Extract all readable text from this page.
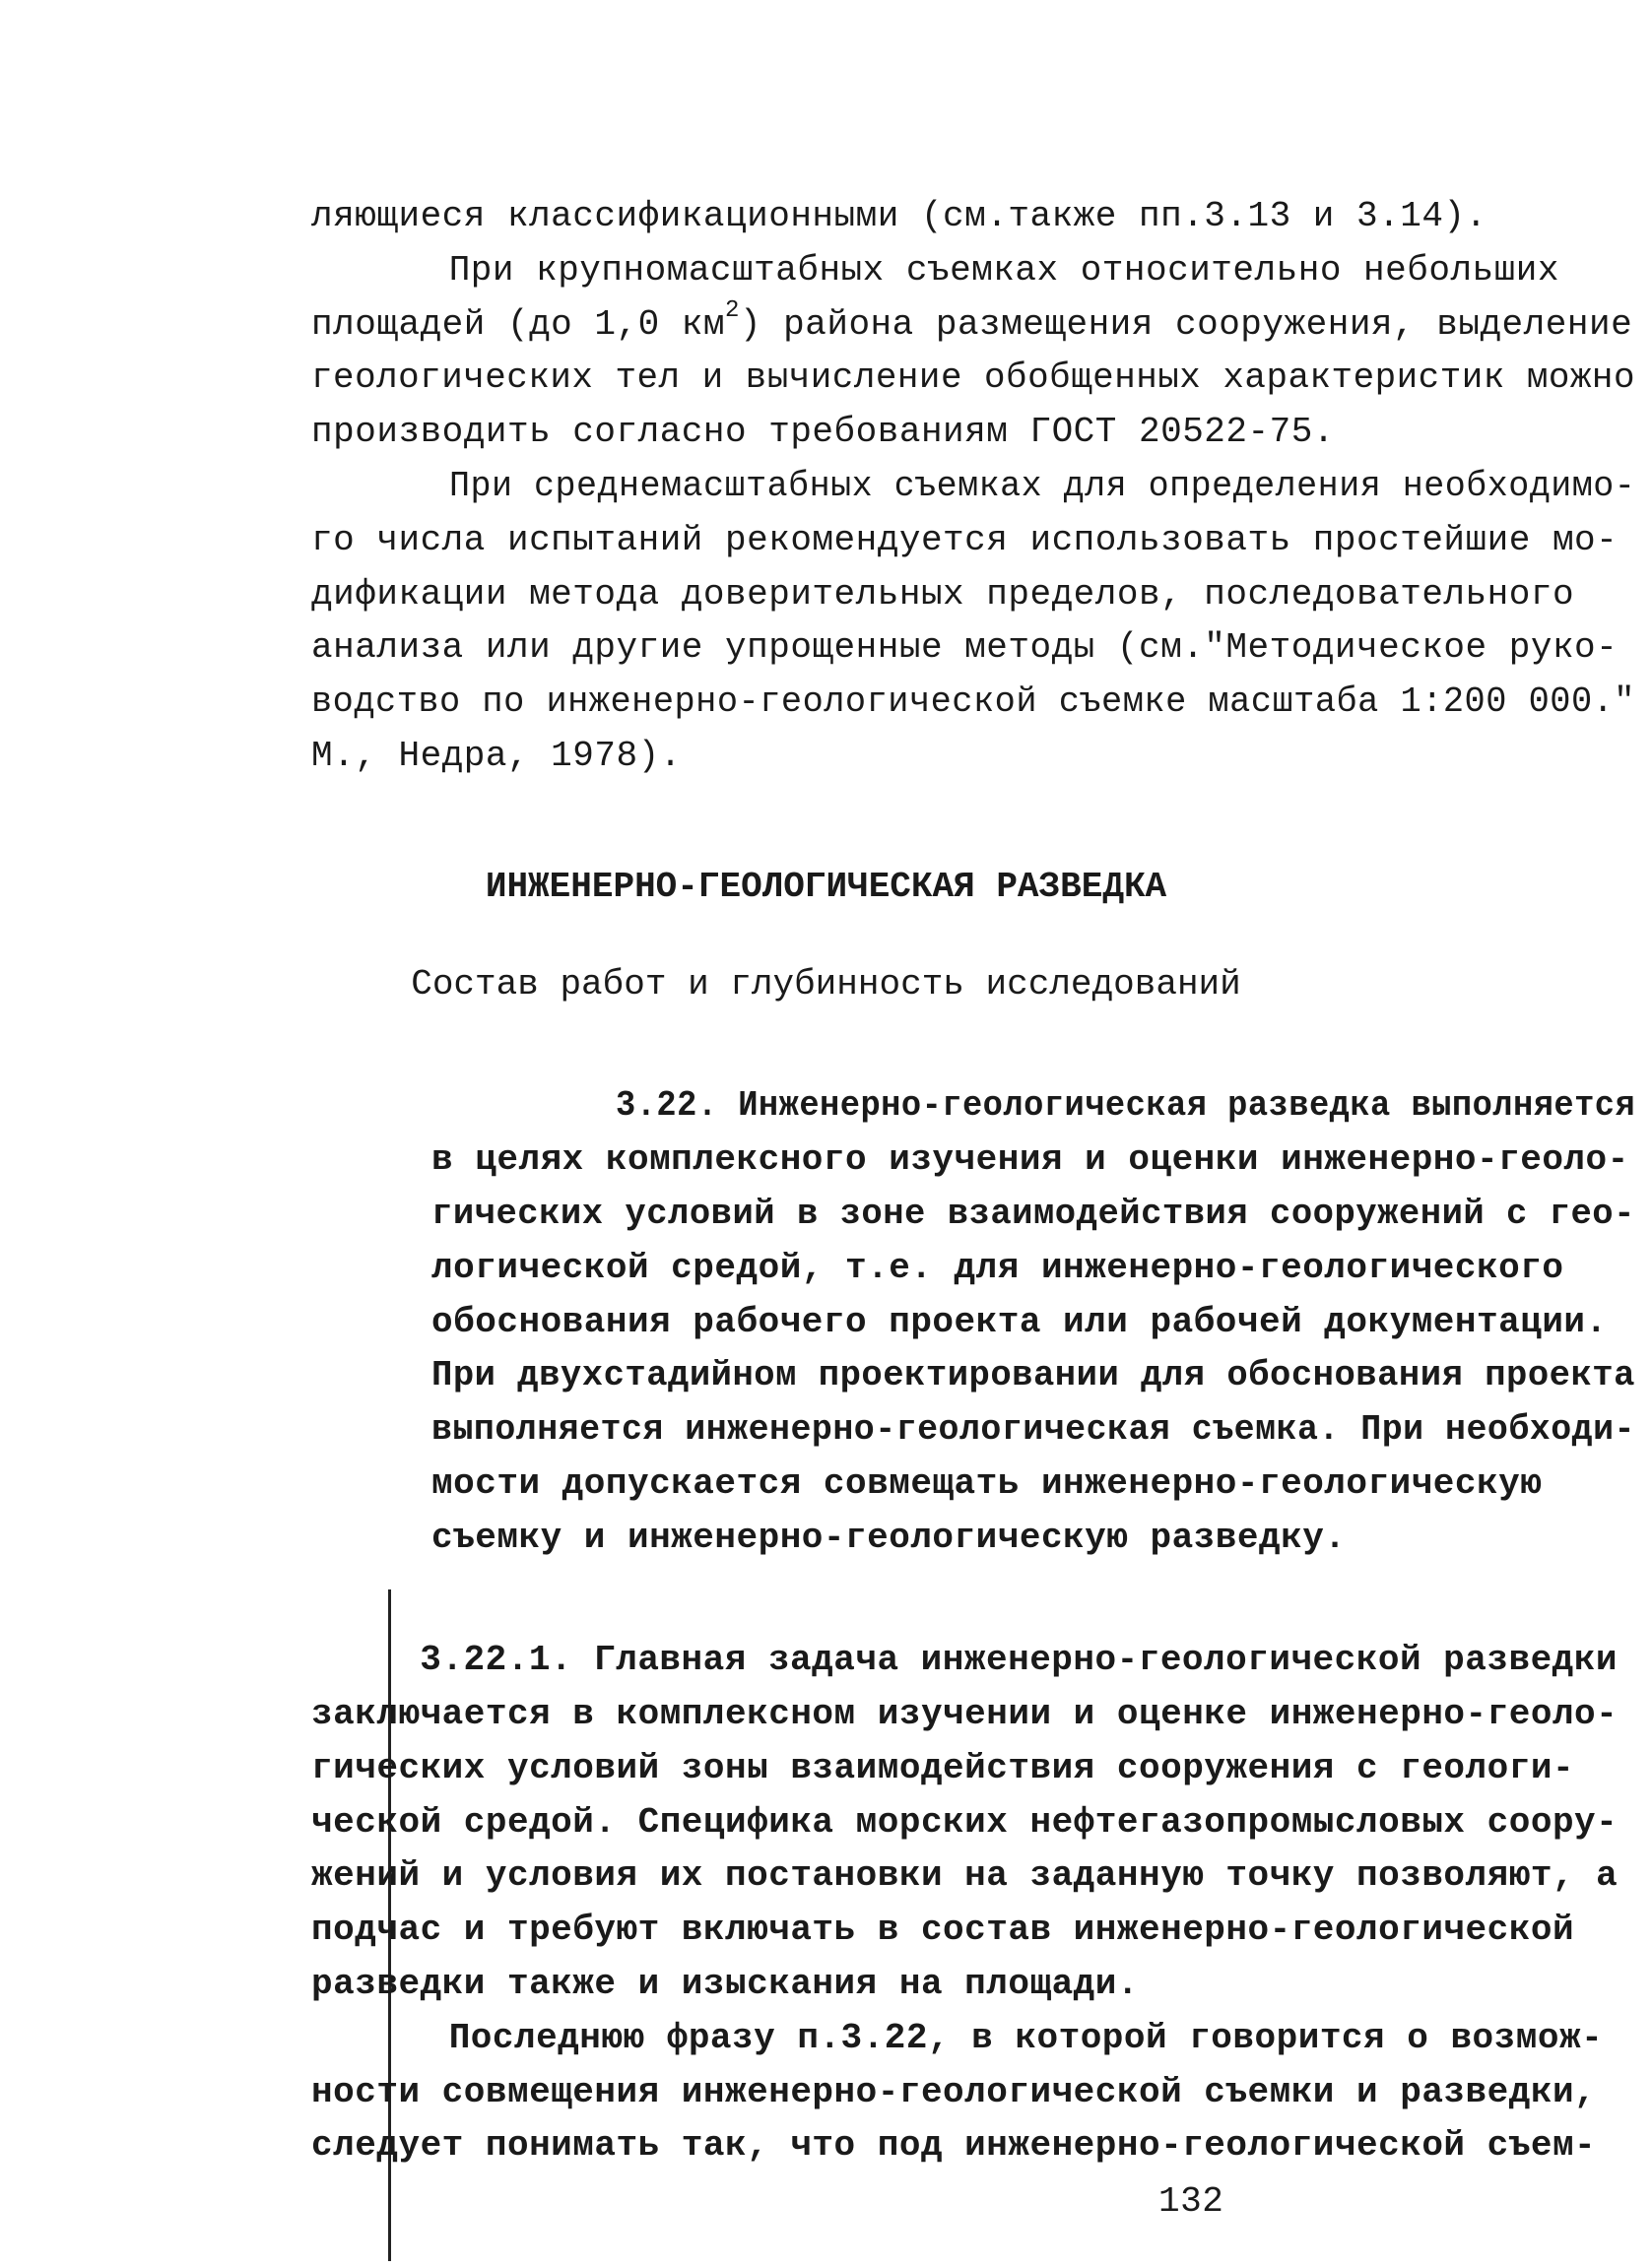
ляющиеся классификационными (см.также пп.3.13 и 3.14).
При крупномасштабных съемках относительно небольших
площадей (до 1,0 $км^2$) района размещения сооружения, выделение
геологических тел и вычисление обобщенных характеристик можно
производить согласно требованиям ГОСТ 20522-75.
При среднемасштабных съемках для определения необходимо-
го числа испытаний рекомендуется использовать простейшие мо-
дификации метода доверительных пределов, последовательного
анализа или другие упрощенные методы (см."Методическое руко-
водство по инженерно-геологической съемке масштаба 1:200 000."
М., Недра, 1978).
ИНЖЕНЕРНО-ГЕОЛОГИЧЕСКАЯ РАЗВЕДКА
Состав работ и глубинность исследований
3.22. Инженерно-геологическая разведка выполняется
в целях комплексного изучения и оценки инженерно-геоло-
гических условий в зоне взаимодействия сооружений с гео-
логической средой, т.е. для инженерно-геологического
обоснования рабочего проекта или рабочей документации.
При двухстадийном проектировании для обоснования проекта
выполняется инженерно-геологическая съемка. При необходи-
мости допускается совмещать инженерно-геологическую
съемку и инженерно-геологическую разведку.
3.22.1. Главная задача инженерно-геологической разведки
заключается в комплексном изучении и оценке инженерно-геоло-
гических условий зоны взаимодействия сооружения с геологи-
ческой средой. Специфика морских нефтегазопромысловых соору-
жений и условия их постановки на заданную точку позволяют, а
подчас и требуют включать в состав инженерно-геологической
разведки также и изыскания на площади.
Последнюю фразу п.3.22, в которой говорится о возмож-
ности совмещения инженерно-геологической съемки и разведки,
следует понимать так, что под инженерно-геологической съем-
132
